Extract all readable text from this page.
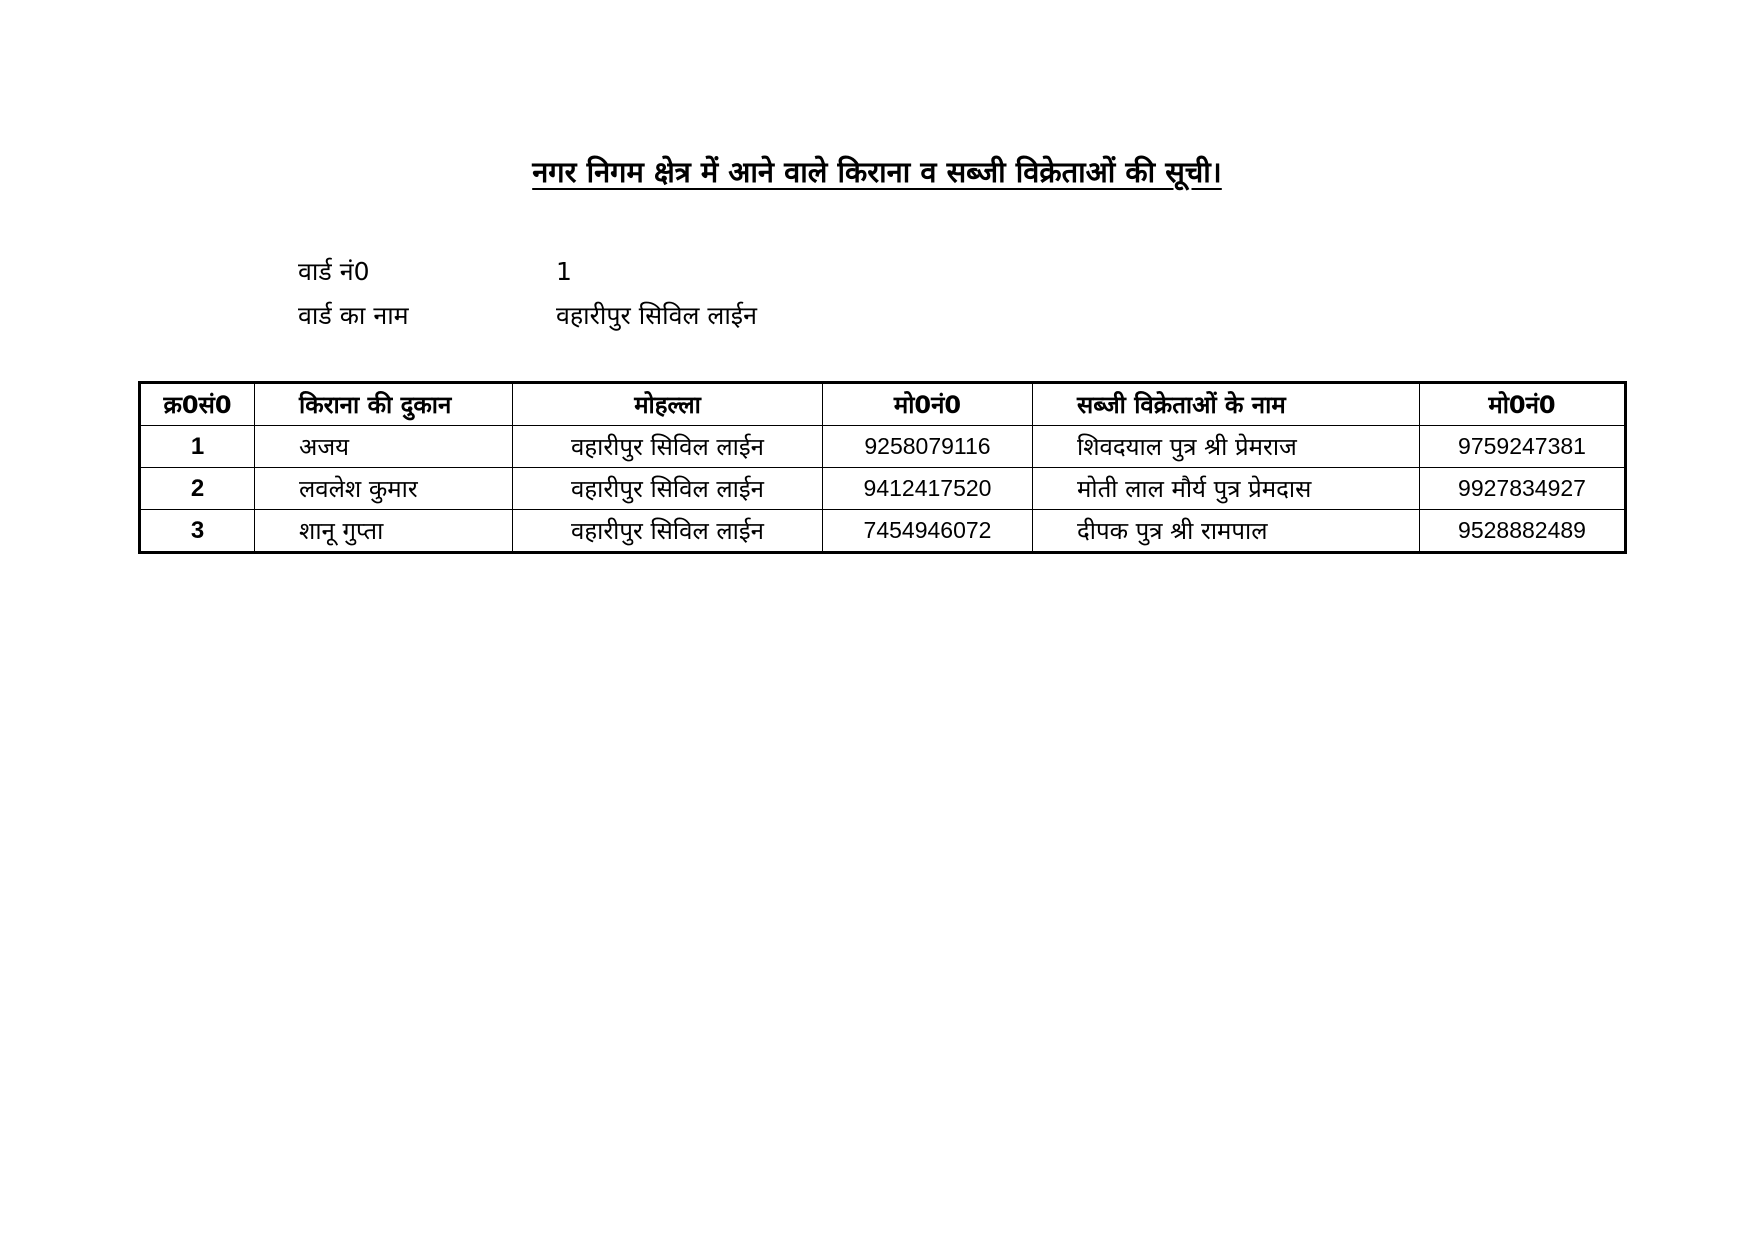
नगर निगम क्षेत्र में आने वाले किराना व सब्जी विक्रेताओं की सूची।
वार्ड नं0	1
वार्ड का नाम	वहारीपुर सिविल लाईन
क्र0सं0	किराना की दुकान	मोहल्ला	मो0नं0	सब्जी विक्रेताओं के नाम	मो0नं0
1	अजय	वहारीपुर सिविल लाईन	9258079116	शिवदयाल पुत्र श्री प्रेमराज	9759247381
2	लवलेश कुमार	वहारीपुर सिविल लाईन	9412417520	मोती लाल मौर्य पुत्र प्रेमदास	9927834927
3	शानू गुप्ता	वहारीपुर सिविल लाईन	7454946072	दीपक पुत्र श्री रामपाल	9528882489
